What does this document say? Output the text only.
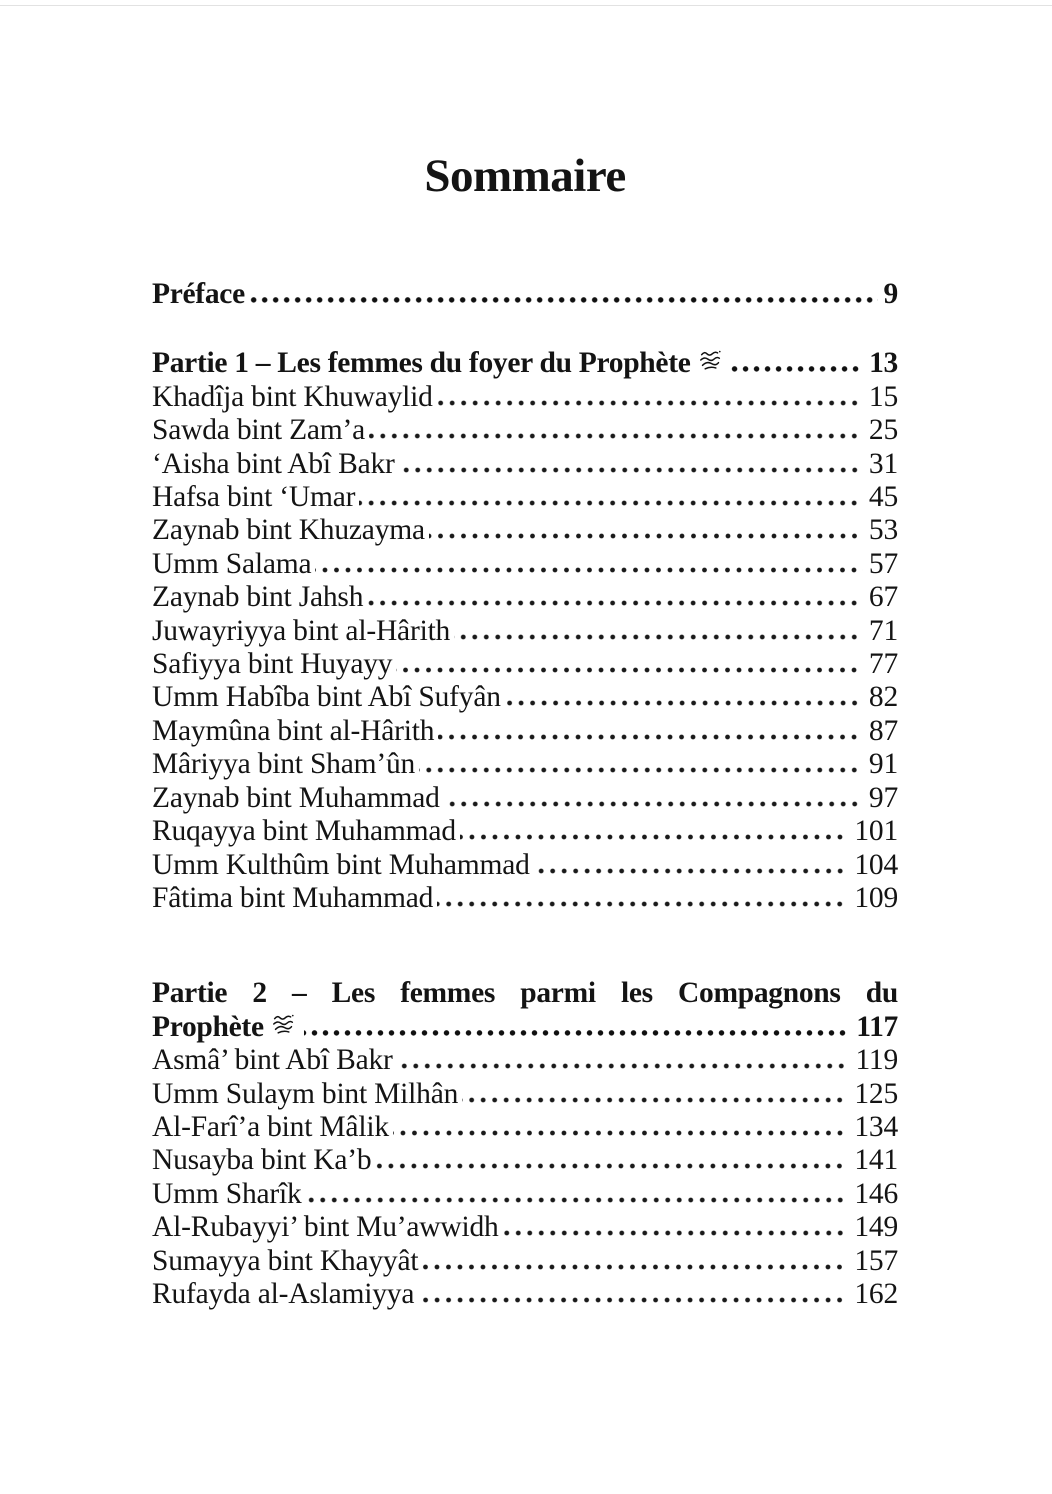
Sommaire
Préface	9
Partie 1 – Les femmes du foyer du Prophète	13
Khadîja bint Khuwaylid	15
Sawda bint Zam’a	25
‘Aisha bint Abî Bakr	31
Hafsa bint ‘Umar	45
Zaynab bint Khuzayma	53
Umm Salama	57
Zaynab bint Jahsh	67
Juwayriyya bint al-Hârith	71
Safiyya bint Huyayy	77
Umm Habîba bint Abî Sufyân	82
Maymûna bint al-Hârith	87
Mâriyya bint Sham’ûn	91
Zaynab bint Muhammad	97
Ruqayya bint Muhammad	101
Umm Kulthûm bint Muhammad	104
Fâtima bint Muhammad	109
Partie 2 – Les femmes parmi les Compagnons du
Prophète	117
Asmâ’ bint Abî Bakr	119
Umm Sulaym bint Milhân	125
Al-Farî’a bint Mâlik	134
Nusayba bint Ka’b	141
Umm Sharîk	146
Al-Rubayyi’ bint Mu’awwidh	149
Sumayya bint Khayyât	157
Rufayda al-Aslamiyya	162
